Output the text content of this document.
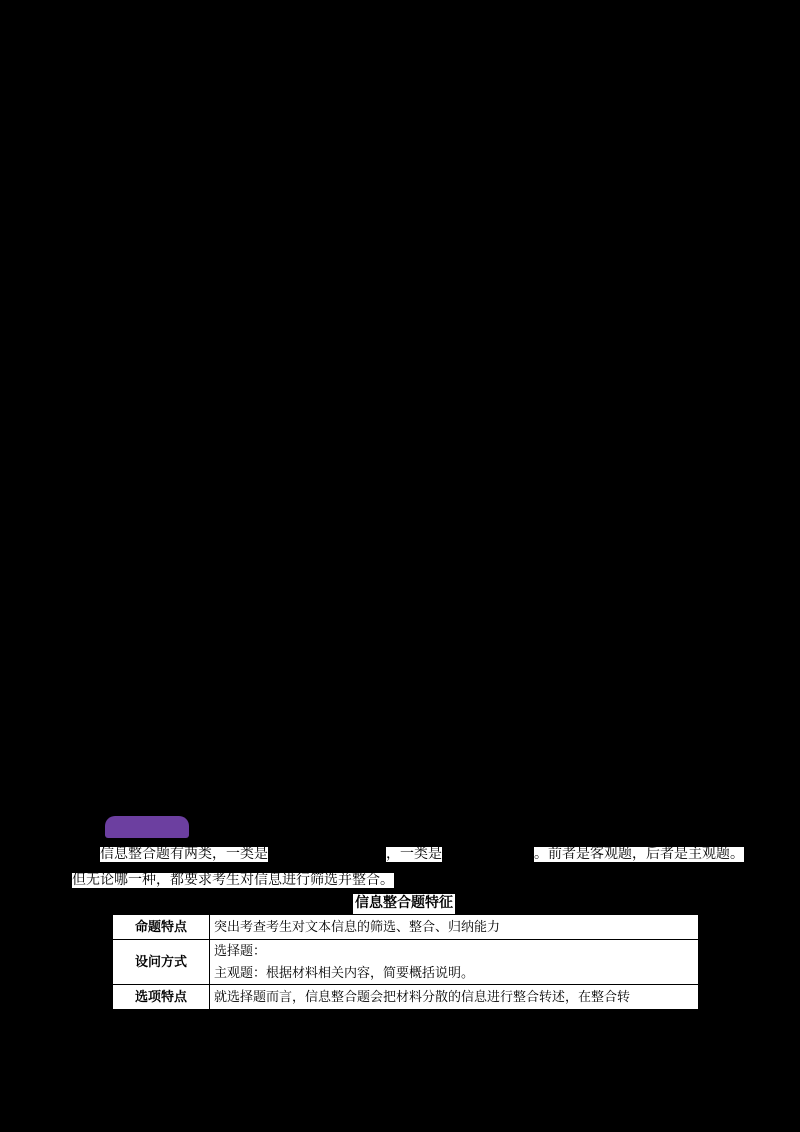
信息整合题有两类，一类是	，一类是	。前者是客观题，后者是主观题。
但无论哪一种，都要求考生对信息进行筛选并整合。
信息整合题特征
命题特点	突出考查考生对文本信息的筛选、整合、归纳能力
设问方式	选择题：
主观题：根据材料相关内容，简要概括说明。

选项特点	就选择题而言，信息整合题会把材料分散的信息进行整合转述，在整合转
